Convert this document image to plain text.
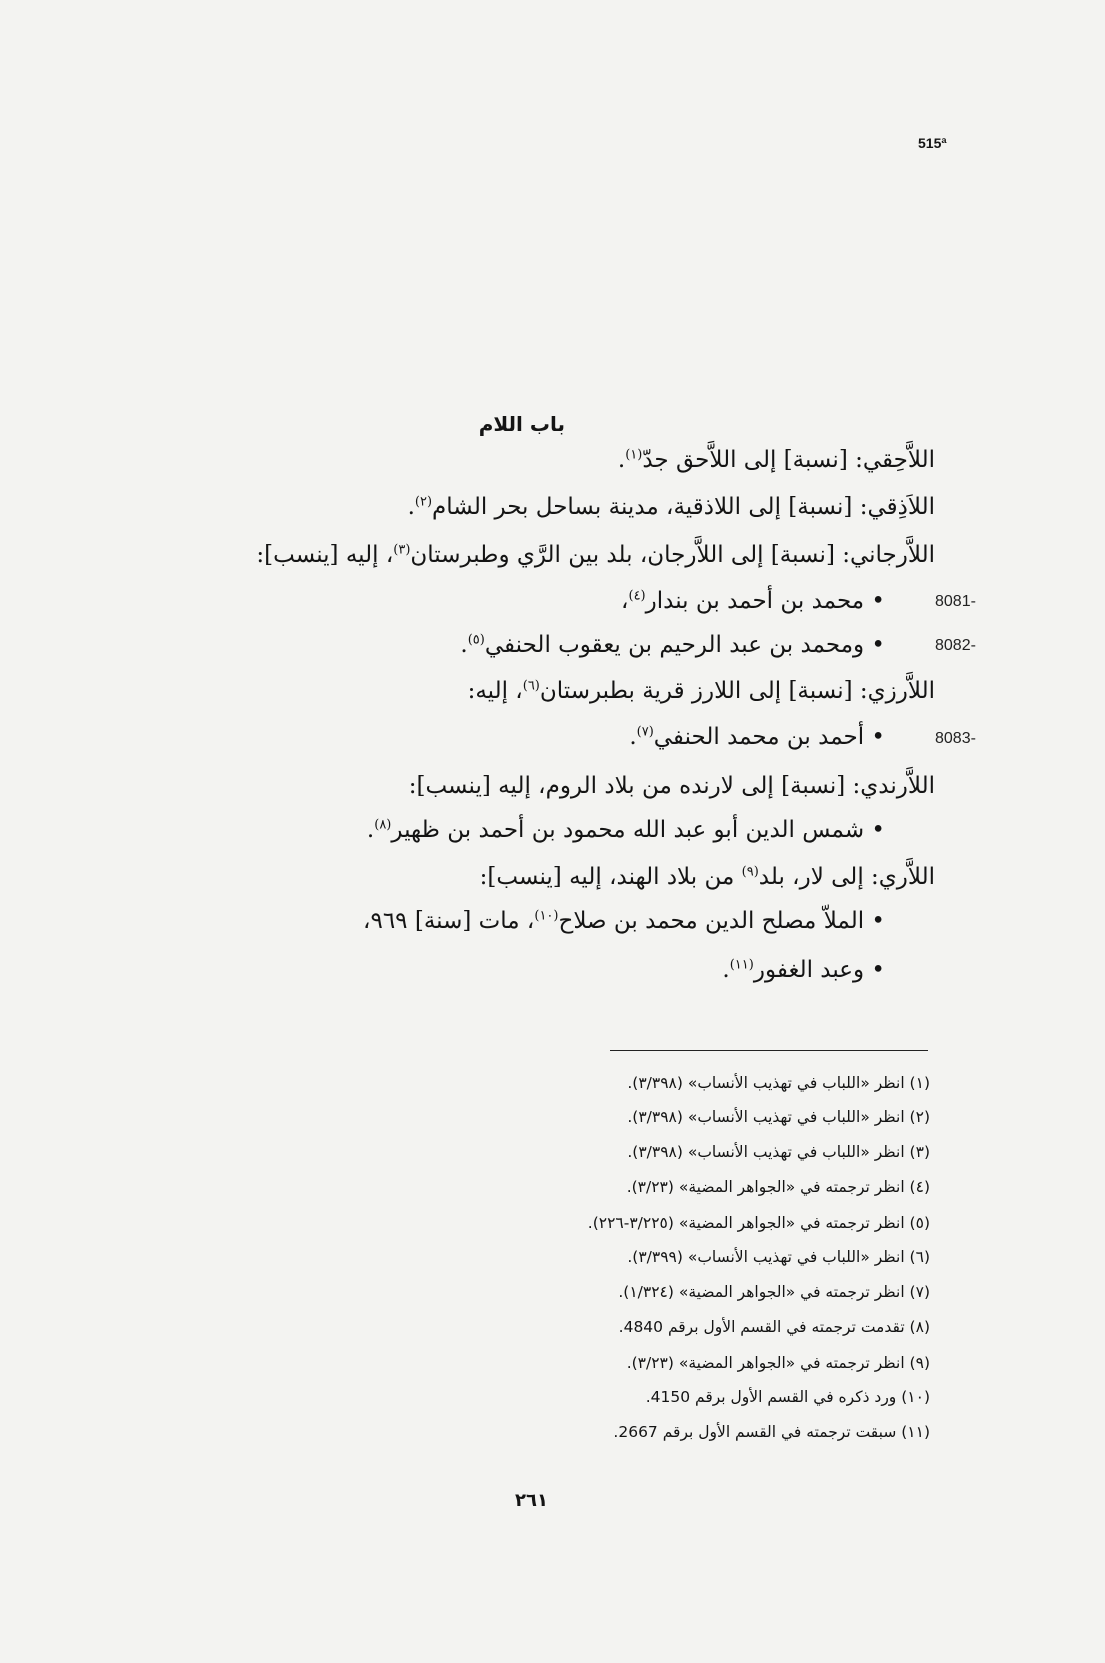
515ª
باب اللام
اللاَّحِقي: [نسبة] إلى اللاَّحق جدّ$^{(١)}$.
اللاَذِقي: [نسبة] إلى اللاذقية، مدينة بساحل بحر الشام$^{(٢)}$.
اللاَّرجاني: [نسبة] إلى اللاَّرجان، بلد بين الرَّي وطبرستان$^{(٣)}$، إليه [ينسب]:
8081-
• محمد بن أحمد بن بندار$^{(٤)}$،
8082-
• ومحمد بن عبد الرحيم بن يعقوب الحنفي$^{(٥)}$.
اللاَّرزي: [نسبة] إلى اللارز قرية بطبرستان$^{(٦)}$، إليه:
8083-
• أحمد بن محمد الحنفي$^{(٧)}$.
اللاَّرندي: [نسبة] إلى لارنده من بلاد الروم، إليه [ينسب]:
• شمس الدين أبو عبد الله محمود بن أحمد بن ظهير$^{(٨)}$.
اللاَّري: إلى لار، بلد$^{(٩)}$ من بلاد الهند، إليه [ينسب]:
• الملاّ مصلح الدين محمد بن صلاح$^{(١٠)}$، مات [سنة] ٩٦٩،
• وعبد الغفور$^{(١١)}$.
(١) انظر «اللباب في تهذيب الأنساب» (٣/٣٩٨).
(٢) انظر «اللباب في تهذيب الأنساب» (٣/٣٩٨).
(٣) انظر «اللباب في تهذيب الأنساب» (٣/٣٩٨).
(٤) انظر ترجمته في «الجواهر المضية» (٣/٢٣).
(٥) انظر ترجمته في «الجواهر المضية» (٣/٢٢٥-٢٢٦).
(٦) انظر «اللباب في تهذيب الأنساب» (٣/٣٩٩).
(٧) انظر ترجمته في «الجواهر المضية» (١/٣٢٤).
(٨) تقدمت ترجمته في القسم الأول برقم 4840.
(٩) انظر ترجمته في «الجواهر المضية» (٣/٢٣).
(١٠) ورد ذكره في القسم الأول برقم 4150.
(١١) سبقت ترجمته في القسم الأول برقم 2667.
٢٦١
